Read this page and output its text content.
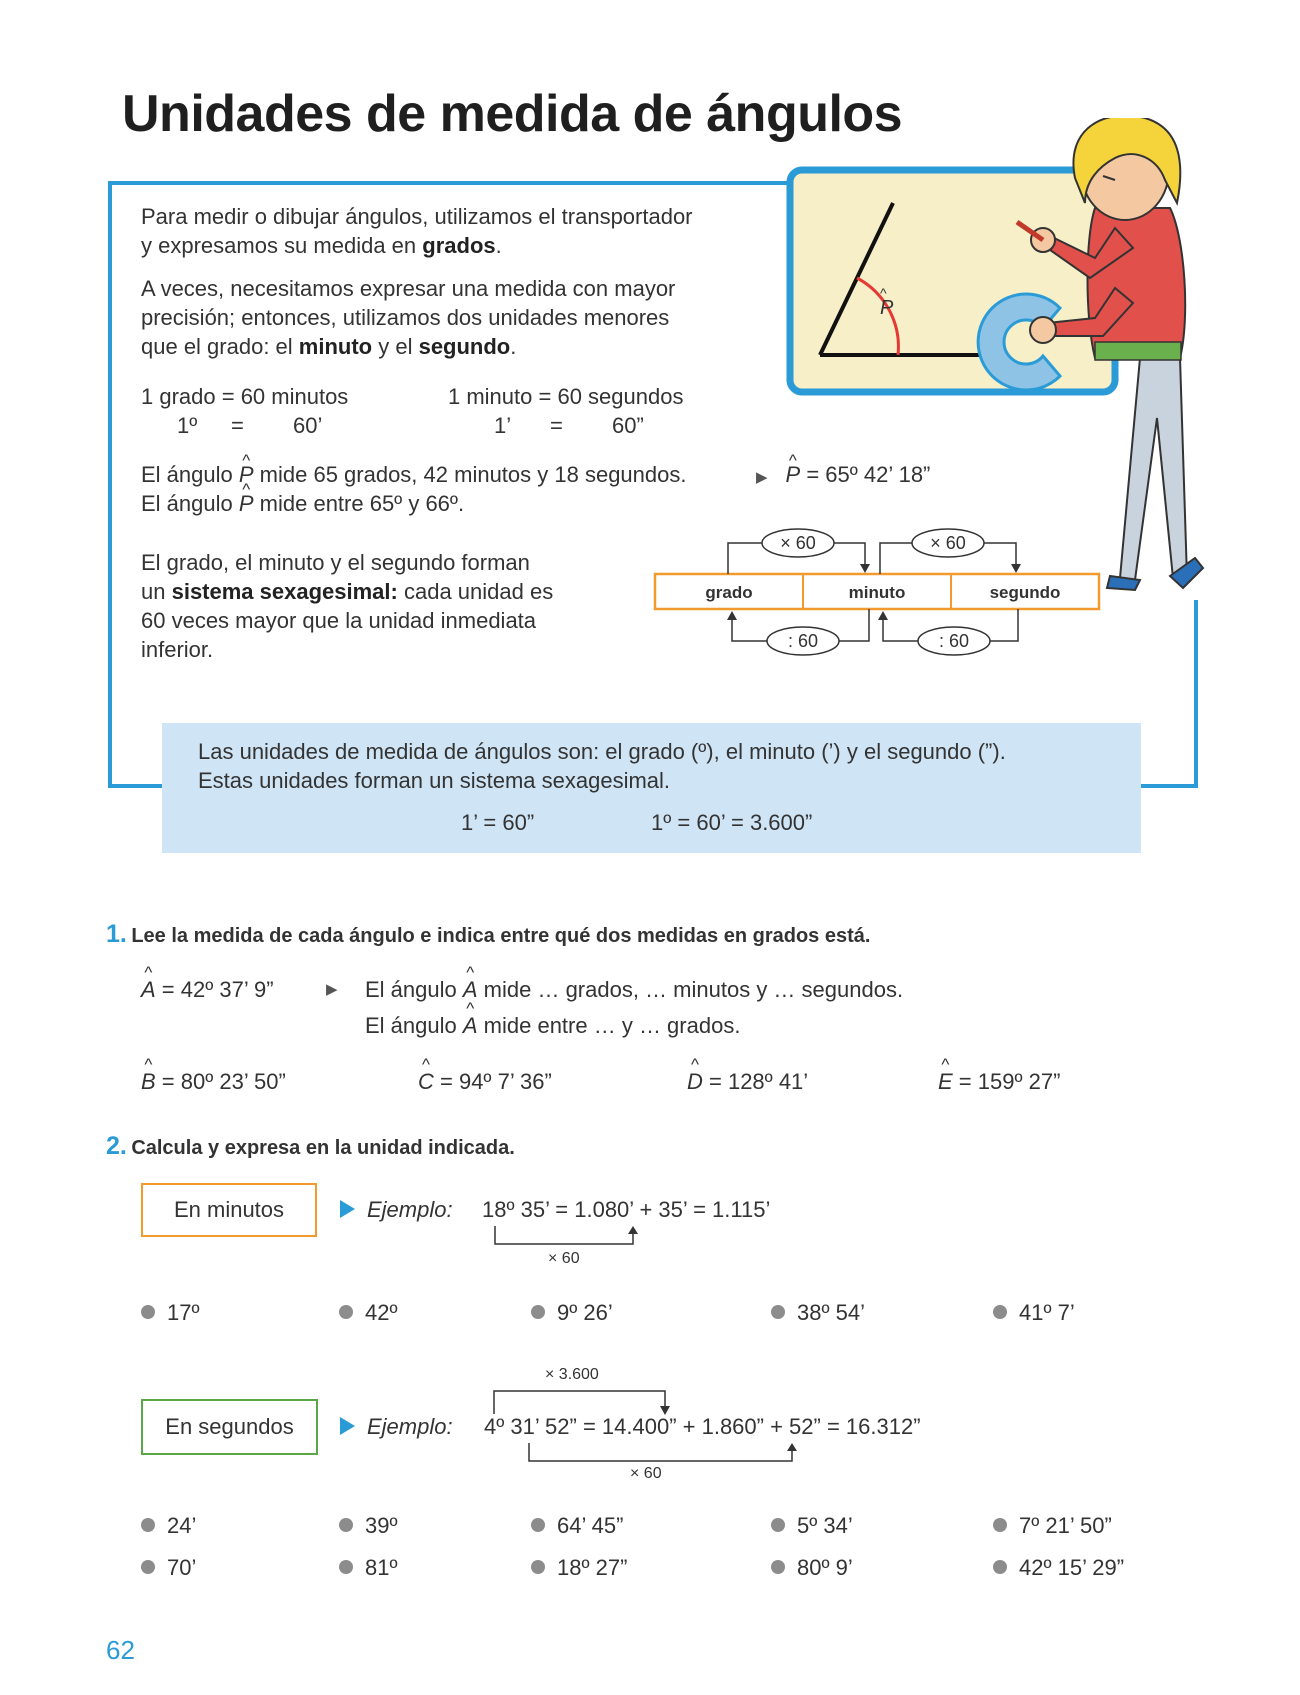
Unidades de medida de ángulos
Para medir o dibujar ángulos, utilizamos el transportador
y expresamos su medida en grados.
A veces, necesitamos expresar una medida con mayor
precisión; entonces, utilizamos dos unidades menores
que el grado: el minuto y el segundo.
1 grado = 60 minutos
1º = 60’
1 minuto = 60 segundos
1’ = 60”
El ángulo ^ P mide 65 grados, 42 minutos y 18 segundos.	▶ ^ P = 65º 42’ 18”
El ángulo ^ P mide entre 65º y 66º.
El grado, el minuto y el segundo forman
un sistema sexagesimal: cada unidad es
60 veces mayor que la unidad inmediata
inferior.
grado	minuto	segundo
× 60	× 60
: 60	: 60
P
^
Las unidades de medida de ángulos son: el grado (º), el minuto (’) y el segundo (”).
Estas unidades forman un sistema sexagesimal.
1’ = 60”	1º = 60’ = 3.600”
1. Lee la medida de cada ángulo e indica entre qué dos medidas en grados está.
^ A = 42º 37’ 9”	▶ El ángulo ^ A mide … grados, … minutos y … segundos.
El ángulo ^ A mide entre … y … grados.
^ B = 80º 23’ 50”	^ C = 94º 7’ 36”	^ D = 128º 41’	^ E = 159º 27”
2. Calcula y expresa en la unidad indicada.
En minutos	Ejemplo: 18º 35’ = 1.080’ + 35’ = 1.115’
× 60
17º	42º	9º 26’	38º 54’	41º 7’
× 3.600
En segundos	Ejemplo: 4º 31’ 52” = 14.400” + 1.860” + 52” = 16.312”
× 60
24’	39º	64’ 45”	5º 34’	7º 21’ 50”
70’	81º	18º 27”	80º 9’	42º 15’ 29”
62
